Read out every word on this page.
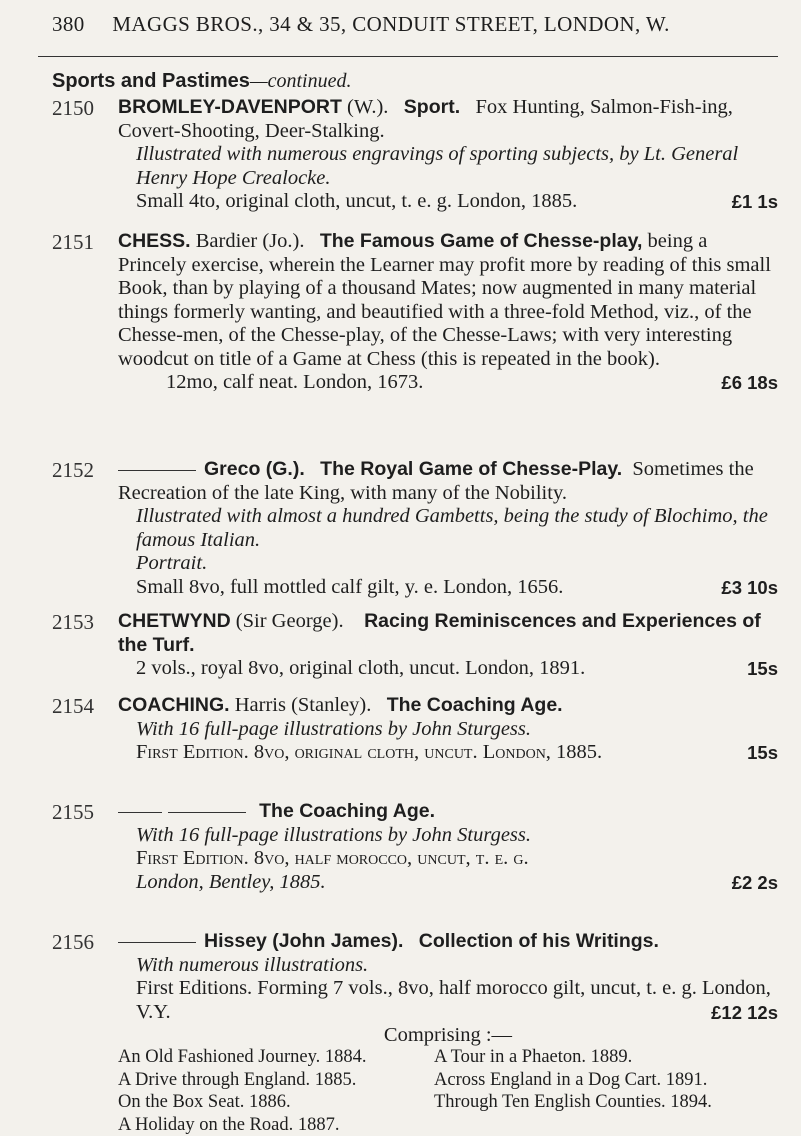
380 MAGGS BROS., 34 & 35, CONDUIT STREET, LONDON, W.
Sports and Pastimes—continued.
2150 BROMLEY-DAVENPORT (W.). Sport. Fox Hunting, Salmon-Fish-ing, Covert-Shooting, Deer-Stalking.

Illustrated with numerous engravings of sporting subjects, by Lt. General Henry Hope Crealocke.

Small 4to, original cloth, uncut, t. e. g. London, 1885.	£1 1s

2151 CHESS. Bardier (Jo.). The Famous Game of Chesse-play, being a Princely exercise, wherein the Learner may profit more by reading of this small Book, than by playing of a thousand Mates; now augmented in many material things formerly wanting, and beautified with a three-fold Method, viz., of the Chesse-men, of the Chesse-play, of the Chesse-Laws; with very interesting woodcut on title of a Game at Chess (this is repeated in the book).

12mo, calf neat. London, 1673.	£6 18s

2152	Greco (G.). The Royal Game of Chesse-Play. Sometimes the Recreation of the late King, with many of the Nobility.

Illustrated with almost a hundred Gambetts, being the study of Blochimo, the famous Italian.

Portrait.

Small 8vo, full mottled calf gilt, y. e. London, 1656.	£3 10s

2153 CHETWYND (Sir George). Racing Reminiscences and Experiences of the Turf.

2 vols., royal 8vo, original cloth, uncut. London, 1891.	15s

2154 COACHING. Harris (Stanley). The Coaching Age.

With 16 full-page illustrations by John Sturgess.

First Edition. 8vo, original cloth, uncut. London, 1885.	15s

2155	The Coaching Age.

With 16 full-page illustrations by John Sturgess.

First Edition. 8vo, half morocco, uncut, t. e. g.

London, Bentley, 1885.	£2 2s

2156	Hissey (John James). Collection of his Writings.

With numerous illustrations.

First Editions. Forming 7 vols., 8vo, half morocco gilt, uncut, t. e. g. London, V.Y.	£12 12s

Comprising :—

An Old Fashioned Journey. 1884.	A Tour in a Phaeton. 1889.
A Drive through England. 1885.	Across England in a Dog Cart. 1891.
On the Box Seat. 1886.	Through Ten English Counties. 1894.
A Holiday on the Road. 1887.
